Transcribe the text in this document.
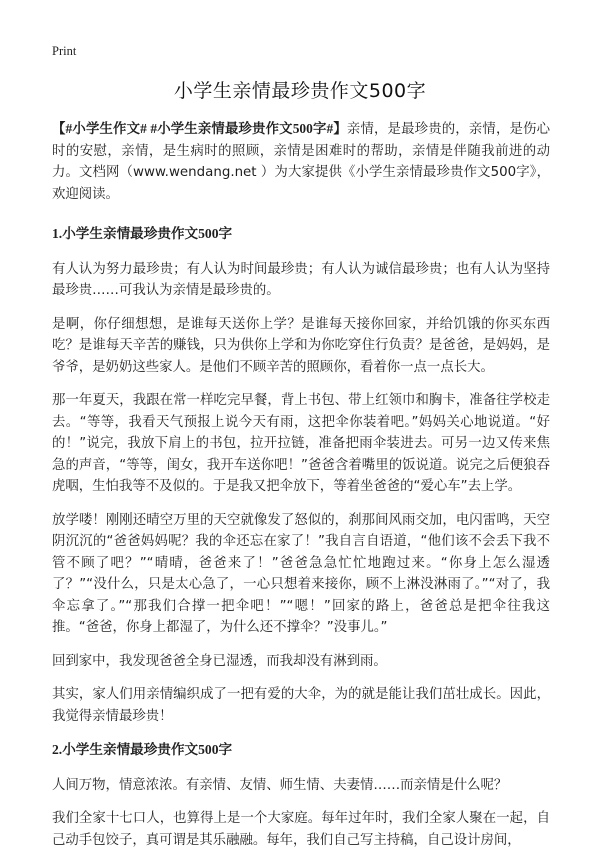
Print
小学生亲情最珍贵作文500字

【#小学生作文# #小学生亲情最珍贵作文500字#】亲情，是最珍贵的，亲情，是伤心时的安慰，亲情，是生病时的照顾，亲情是困难时的帮助，亲情是伴随我前进的动力。文档网（www.wendang.net ）为大家提供《小学生亲情最珍贵作文500字》，欢迎阅读。

1.小学生亲情最珍贵作文500字

有人认为努力最珍贵；有人认为时间最珍贵；有人认为诚信最珍贵；也有人认为坚持最珍贵……可我认为亲情是最珍贵的。

是啊，你仔细想想，是谁每天送你上学？是谁每天接你回家，并给饥饿的你买东西吃？是谁每天辛苦的赚钱，只为供你上学和为你吃穿住行负责？是爸爸，是妈妈，是爷爷，是奶奶这些家人。是他们不顾辛苦的照顾你，看着你一点一点长大。

那一年夏天，我跟在常一样吃完早餐，背上书包、带上红领巾和胸卡，准备往学校走去。“等等，我看天气预报上说今天有雨，这把伞你装着吧。”妈妈关心地说道。“好的！”说完，我放下肩上的书包，拉开拉链，准备把雨伞装进去。可另一边又传来焦急的声音，“等等，闺女，我开车送你吧！”爸爸含着嘴里的饭说道。说完之后便狼吞虎咽，生怕我等不及似的。于是我又把伞放下，等着坐爸爸的“爱心车”去上学。

放学喽！刚刚还晴空万里的天空就像发了怒似的，刹那间风雨交加，电闪雷鸣，天空阴沉沉的“爸爸妈妈呢？我的伞还忘在家了！”我自言自语道，“他们该不会丢下我不管不顾了吧？”“晴晴，爸爸来了！”爸爸急急忙忙地跑过来。“你身上怎么湿透了？”“没什么，只是太心急了，一心只想着来接你，顾不上淋没淋雨了。”“对了，我伞忘拿了。”“那我们合撑一把伞吧！”“嗯！”回家的路上，爸爸总是把伞往我这推。“爸爸，你身上都湿了，为什么还不撑伞？”没事儿。”

回到家中，我发现爸爸全身已湿透，而我却没有淋到雨。

其实，家人们用亲情编织成了一把有爱的大伞，为的就是能让我们茁壮成长。因此，我觉得亲情最珍贵！

2.小学生亲情最珍贵作文500字

人间万物，情意浓浓。有亲情、友情、师生情、夫妻情……而亲情是什么呢？

我们全家十七口人，也算得上是一个大家庭。每年过年时，我们全家人聚在一起，自己动手包饺子，真可谓是其乐融融。每年，我们自己写主持稿，自己设计房间，
